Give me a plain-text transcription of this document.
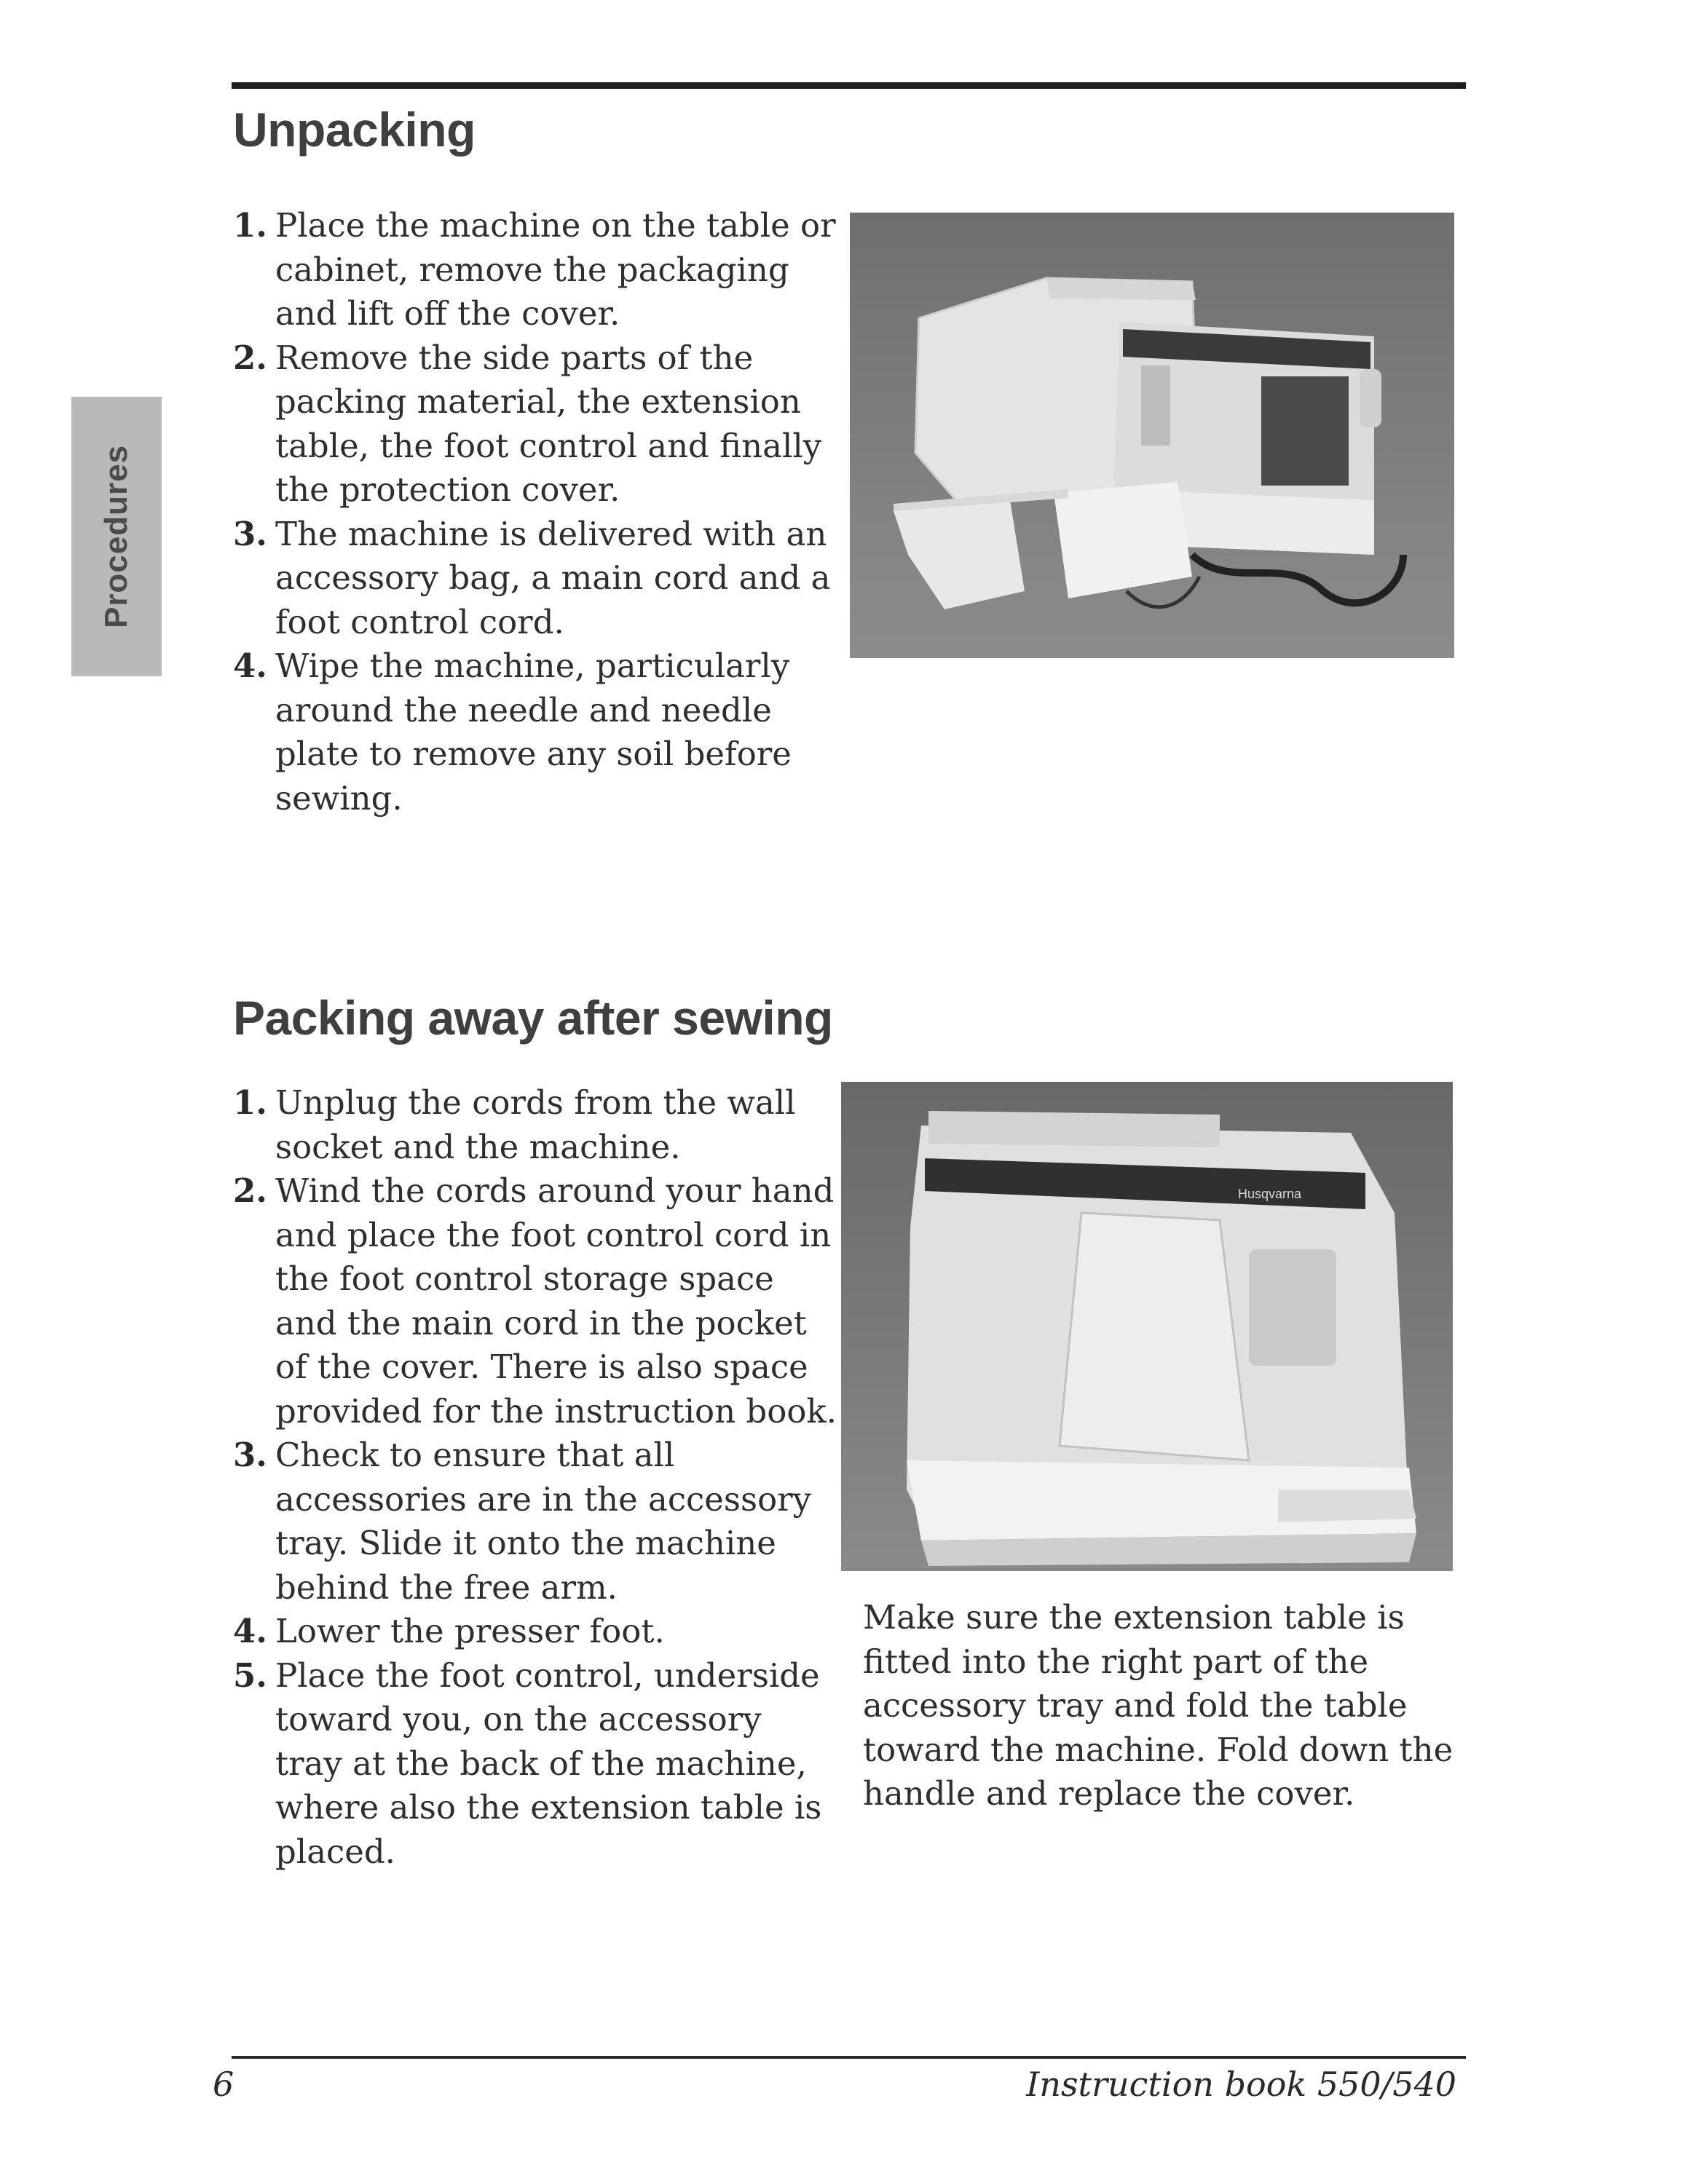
Unpacking
Procedures
1. Place the machine on the table or cabinet, remove the packaging and lift off the cover.
2. Remove the side parts of the packing material, the extension table, the foot control and finally the protection cover.
3. The machine is delivered with an accessory bag, a main cord and a foot control cord.
4. Wipe the machine, particularly around the needle and needle plate to remove any soil before sewing.
Packing away after sewing
1. Unplug the cords from the wall socket and the machine.
2. Wind the cords around your hand and place the foot control cord in the foot control storage space and the main cord in the pocket of the cover. There is also space provided for the instruction book.
3. Check to ensure that all accessories are in the accessory tray. Slide it onto the machine behind the free arm.
4. Lower the presser foot.
5. Place the foot control, underside toward you, on the accessory tray at the back of the machine, where also the extension table is placed.
Husqvarna

Make sure the extension table is fitted into the right part of the accessory tray and fold the table toward the machine. Fold down the handle and replace the cover.

6	Instruction book 550/540
